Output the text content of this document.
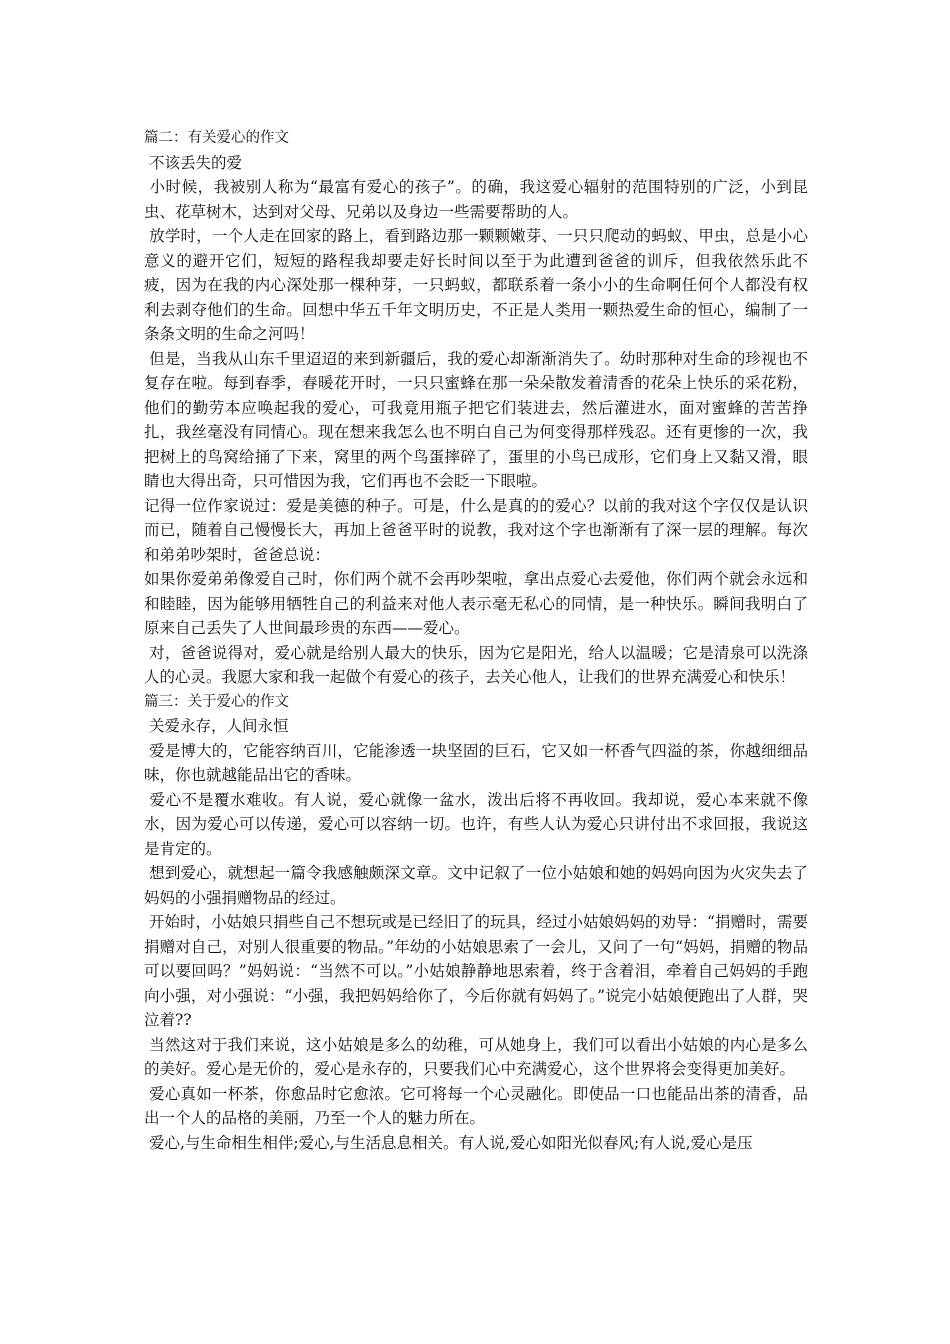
篇二：有关爱心的作文

不该丢失的爱

小时候，我被别人称为“最富有爱心的孩子”。的确，我这爱心辐射的范围特别的广泛，小到昆虫、花草树木，达到对父母、兄弟以及身边一些需要帮助的人。

放学时，一个人走在回家的路上，看到路边那一颗颗嫩芽、一只只爬动的蚂蚁、甲虫，总是小心意义的避开它们，短短的路程我却要走好长时间以至于为此遭到爸爸的训斥，但我依然乐此不疲，因为在我的内心深处那一棵种芽，一只蚂蚁，都联系着一条小小的生命啊任何个人都没有权利去剥夺他们的生命。回想中华五千年文明历史，不正是人类用一颗热爱生命的恒心，编制了一条条文明的生命之河吗！

但是，当我从山东千里迢迢的来到新疆后，我的爱心却渐渐消失了。幼时那种对生命的珍视也不复存在啦。每到春季，春暖花开时，一只只蜜蜂在那一朵朵散发着清香的花朵上快乐的采花粉，他们的勤劳本应唤起我的爱心，可我竟用瓶子把它们装进去，然后灌进水，面对蜜蜂的苦苦挣扎，我丝毫没有同情心。现在想来我怎么也不明白自己为何变得那样残忍。还有更惨的一次，我把树上的鸟窝给捅了下来，窝里的两个鸟蛋摔碎了，蛋里的小鸟已成形，它们身上又黏又滑，眼睛也大得出奇，只可惜因为我，它们再也不会眨一下眼啦。

记得一位作家说过：爱是美德的种子。可是，什么是真的的爱心？以前的我对这个字仅仅是认识而已，随着自己慢慢长大，再加上爸爸平时的说教，我对这个字也渐渐有了深一层的理解。每次和弟弟吵架时，爸爸总说：

如果你爱弟弟像爱自己时，你们两个就不会再吵架啦，拿出点爱心去爱他，你们两个就会永远和和睦睦，因为能够用牺牲自己的利益来对他人表示毫无私心的同情，是一种快乐。瞬间我明白了原来自己丢失了人世间最珍贵的东西——爱心。

对，爸爸说得对，爱心就是给别人最大的快乐，因为它是阳光，给人以温暖；它是清泉可以洗涤人的心灵。我愿大家和我一起做个有爱心的孩子，去关心他人，让我们的世界充满爱心和快乐！

篇三：关于爱心的作文

关爱永存，人间永恒

爱是博大的，它能容纳百川，它能渗透一块坚固的巨石，它又如一杯香气四溢的茶，你越细细品味，你也就越能品出它的香味。

爱心不是覆水难收。有人说，爱心就像一盆水，泼出后将不再收回。我却说，爱心本来就不像水，因为爱心可以传递，爱心可以容纳一切。也许，有些人认为爱心只讲付出不求回报，我说这是肯定的。

想到爱心，就想起一篇令我感触颇深文章。文中记叙了一位小姑娘和她的妈妈向因为火灾失去了妈妈的小强捐赠物品的经过。

开始时，小姑娘只捐些自己不想玩或是已经旧了的玩具，经过小姑娘妈妈的劝导：“捐赠时，需要捐赠对自己，对别人很重要的物品。”年幼的小姑娘思索了一会儿，又问了一句“妈妈，捐赠的物品可以要回吗？”妈妈说：“当然不可以。”小姑娘静静地思索着，终于含着泪，牵着自己妈妈的手跑向小强，对小强说：“小强，我把妈妈给你了，今后你就有妈妈了。”说完小姑娘便跑出了人群，哭泣着??

当然这对于我们来说，这小姑娘是多么的幼稚，可从她身上，我们可以看出小姑娘的内心是多么的美好。爱心是无价的，爱心是永存的，只要我们心中充满爱心，这个世界将会变得更加美好。

爱心真如一杯茶，你愈品时它愈浓。它可将每一个心灵融化。即使品一口也能品出茶的清香，品出一个人的品格的美丽，乃至一个人的魅力所在。

爱心,与生命相生相伴;爱心,与生活息息相关。有人说,爱心如阳光似春风;有人说,爱心是压
